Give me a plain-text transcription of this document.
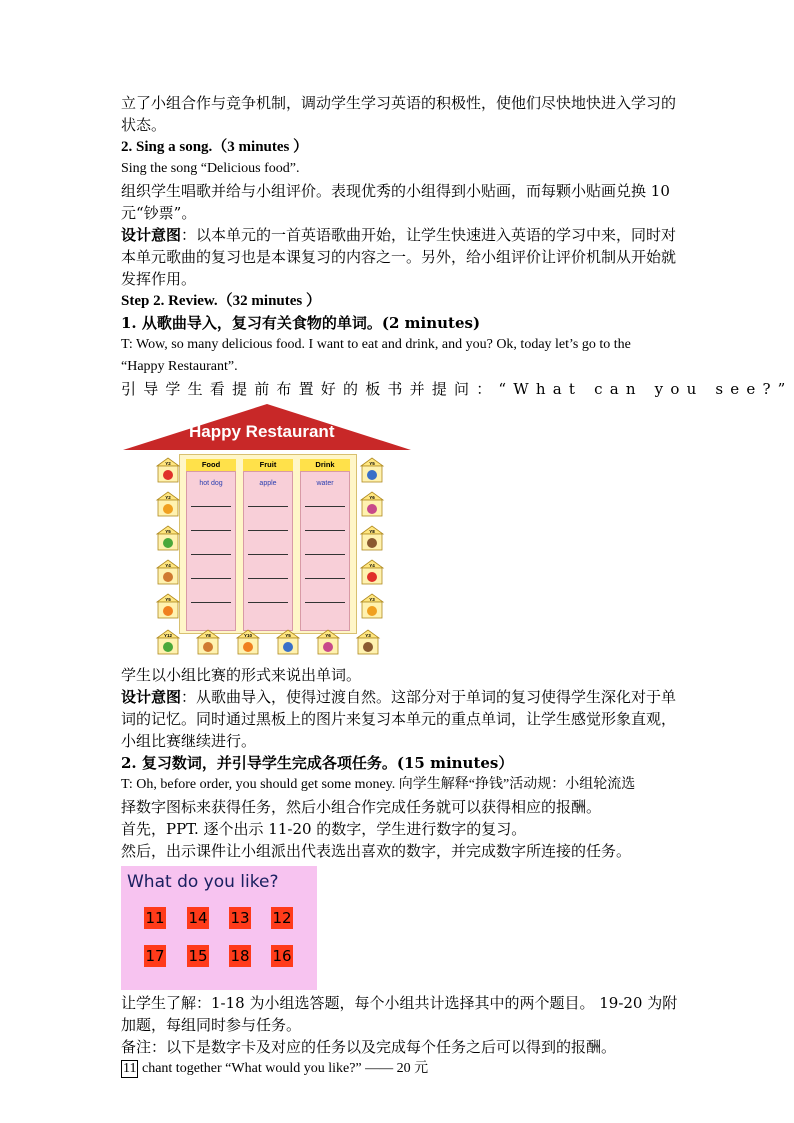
立了小组合作与竞争机制，调动学生学习英语的积极性，使他们尽快地快进入学习的
状态。
2. Sing a song.（3 minutes ）
Sing the song “Delicious food”.
组织学生唱歌并给与小组评价。表现优秀的小组得到小贴画，而每颗小贴画兑换 10
元“钞票”。
设计意图：以本单元的一首英语歌曲开始，让学生快速进入英语的学习中来，同时对
本单元歌曲的复习也是本课复习的内容之一。另外，给小组评价让评价机制从开始就
发挥作用。
Step 2. Review.（32 minutes ）
1. 从歌曲导入，复习有关食物的单词。(2 minutes)
T: Wow, so many delicious food. I want to eat and drink, and you? Ok, today let’s go to the
“Happy Restaurant”.
引导学生看提前布置好的板书并提问：“What can you see?”
Happy Restaurant
Food
hot dog
Fruit
apple
Drink
water
Y2
Y2
Y5
Y4
Y5
Y5
Y6
Y8
Y4
Y3
Y12	Y8	Y10	Y5	Y6	Y3
学生以小组比赛的形式来说出单词。
设计意图：从歌曲导入，使得过渡自然。这部分对于单词的复习使得学生深化对于单
词的记忆。同时通过黑板上的图片来复习本单元的重点单词，让学生感觉形象直观，
小组比赛继续进行。
2. 复习数词，并引导学生完成各项任务。(15 minutes）
T: Oh, before order, you should get some money. 向学生解释“挣钱”活动规：小组轮流选
择数字图标来获得任务，然后小组合作完成任务就可以获得相应的报酬。
首先，PPT. 逐个出示 11-20 的数字，学生进行数字的复习。
然后，出示课件让小组派出代表选出喜欢的数字，并完成数字所连接的任务。
What do you like?
11 14 13 12
17 15 18 16
让学生了解：1-18 为小组选答题，每个小组共计选择其中的两个题目。 19-20 为附
加题，每组同时参与任务。
备注：以下是数字卡及对应的任务以及完成每个任务之后可以得到的报酬。
11 chant together “What would you like?” —— 20 元
